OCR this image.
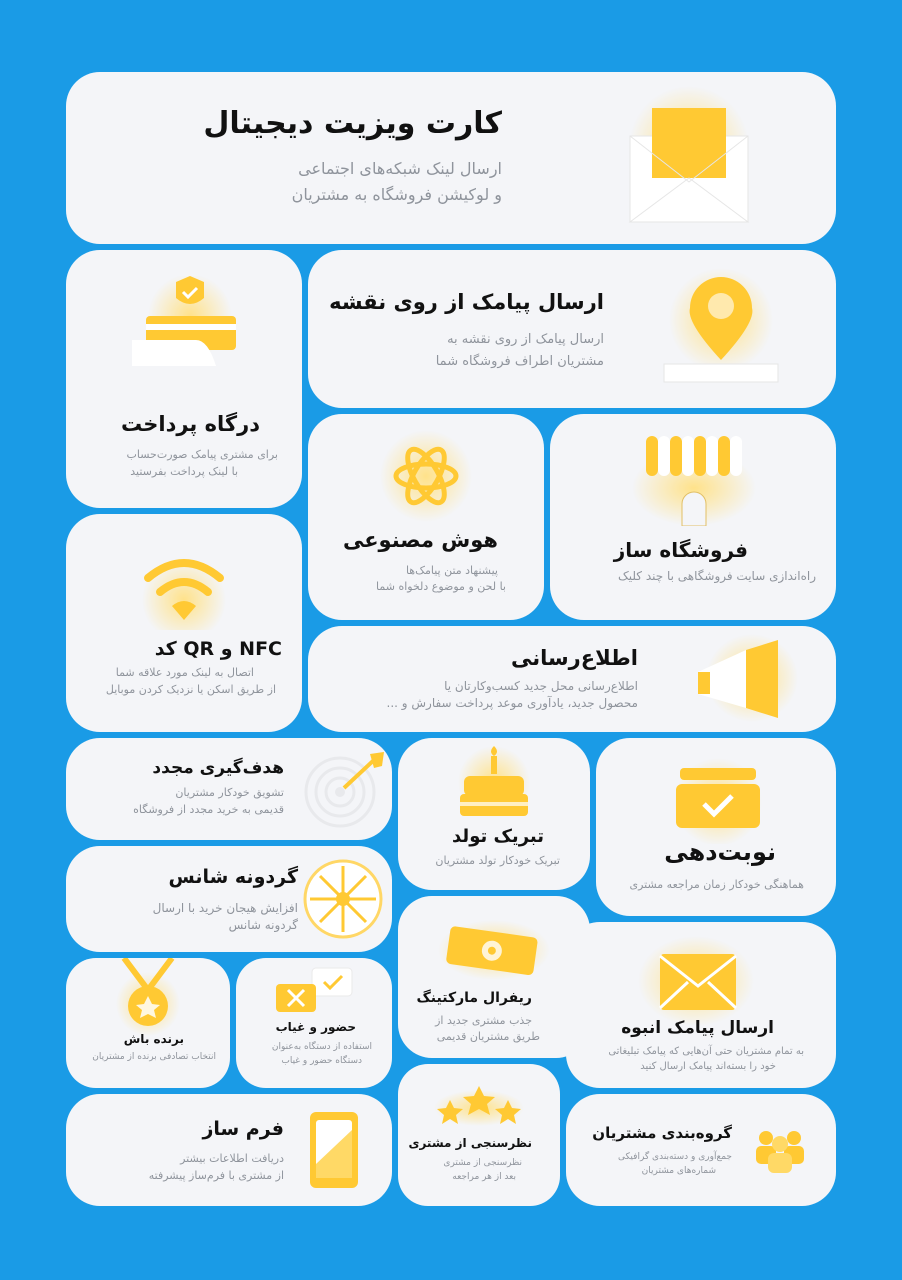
کارت ویزیت دیجیتال
ارسال لینک شبکه‌های اجتماعی
و لوکیشن فروشگاه به مشتریان
درگاه پرداخت
برای مشتری پیامک صورت‌حساب
با لینک پرداخت بفرستید
ارسال پیامک از روی نقشه
ارسال پیامک از روی نقشه به
مشتریان اطراف فروشگاه شما
هوش مصنوعی
پیشنهاد متن پیامک‌ها
با لحن و موضوع دلخواه شما
فروشگاه ساز
راه‌اندازی سایت فروشگاهی با چند کلیک
NFC و QR کد
اتصال به لینک مورد علاقه شما
از طریق اسکن یا نزدیک کردن موبایل
اطلاع‌رسانی
اطلاع‌رسانی محل جدید کسب‌وکارتان یا
محصول جدید، یادآوری موعد پرداخت سفارش و ...
هدف‌گیری مجدد
تشویق خودکار مشتریان
قدیمی به خرید مجدد از فروشگاه
تبریک تولد
تبریک خودکار تولد مشتریان	نوبت‌دهی
هماهنگی خودکار زمان مراجعه مشتری
گردونه شانس
افزایش هیجان خرید با ارسال
گردونه شانس
ریفرال مارکتینگ
جذب مشتری جدید از
طریق مشتریان قدیمی	ارسال پیامک انبوه
به تمام مشتریان حتی آن‌هایی که پیامک تبلیغاتی
خود را بسته‌اند پیامک ارسال کنید
برنده باش
انتخاب تصادفی برنده از مشتریان
حضور و غیاب
استفاده از دستگاه به‌عنوان
دستگاه حضور و غیاب
فرم ساز
دریافت اطلاعات بیشتر
از مشتری با فرم‌ساز پیشرفته
نظرسنجی از مشتری
نظرسنجی از مشتری
بعد از هر مراجعه
گروه‌بندی مشتریان
جمع‌آوری و دسته‌بندی گرافیکی
شماره‌های مشتریان
